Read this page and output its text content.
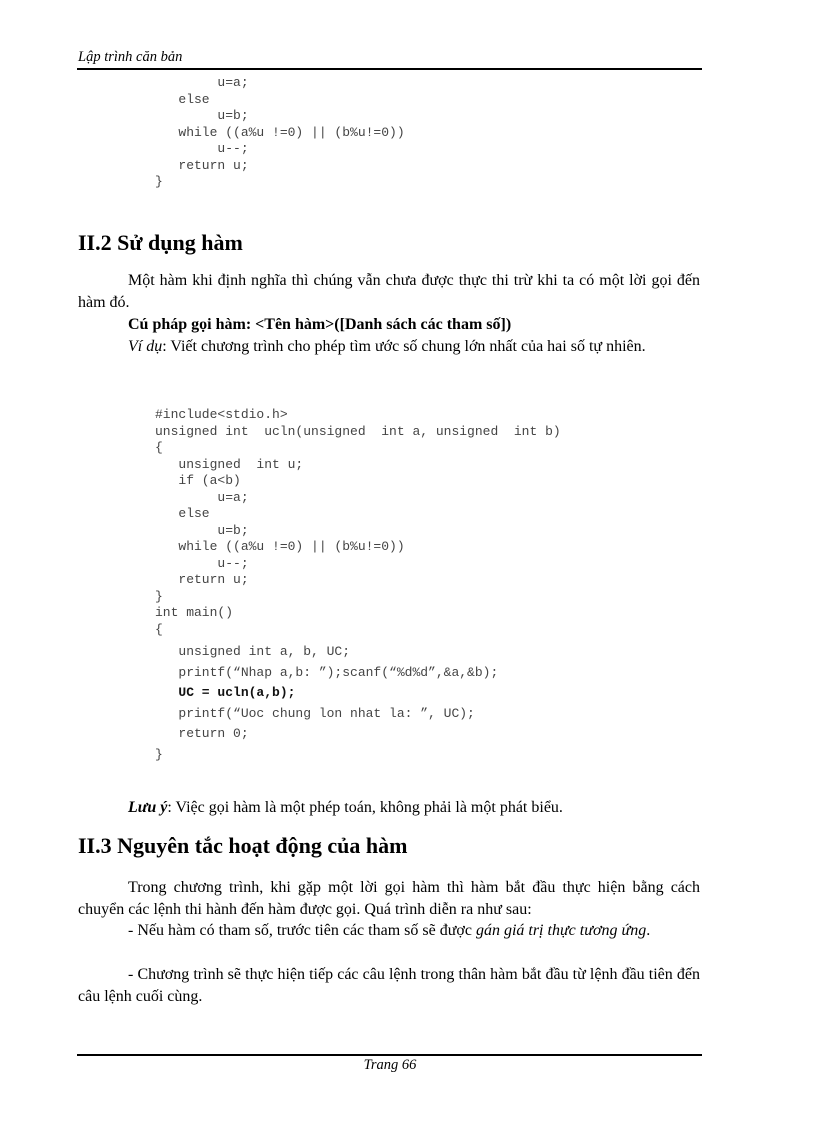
Lập trình căn bản
u=a;
else
u=b;
while ((a%u !=0) || (b%u!=0))
u--;
return u;
}
II.2 Sử dụng hàm
Một hàm khi định nghĩa thì chúng vẫn chưa được thực thi trừ khi ta có một lời gọi đến hàm đó.
Cú pháp gọi hàm: <Tên hàm>([Danh sách các tham số])
Ví dụ: Viết chương trình cho phép tìm ước số chung lớn nhất của hai số tự nhiên.
#include<stdio.h>
unsigned int  ucln(unsigned  int a, unsigned  int b)
{
unsigned  int u;
if (a<b)
u=a;
else
u=b;
while ((a%u !=0) || (b%u!=0))
u--;
return u;
}
int main()
{
unsigned int a, b, UC;
printf(“Nhap a,b: ”);scanf(“%d%d”,&a,&b);
UC = ucln(a,b);
printf(“Uoc chung lon nhat la: ”, UC);
return 0;
}
Lưu ý: Việc gọi hàm là một phép toán, không phải là một phát biểu.
II.3 Nguyên tắc hoạt động của hàm
Trong chương trình, khi gặp một lời gọi hàm thì hàm bắt đầu thực hiện bằng cách chuyển các lệnh thi hành đến hàm được gọi. Quá trình diễn ra như sau:
- Nếu hàm có tham số, trước tiên các tham số sẽ được gán giá trị thực tương ứng.
- Chương trình sẽ thực hiện tiếp các câu lệnh trong thân hàm bắt đầu từ lệnh đầu tiên đến câu lệnh cuối cùng.
Trang 66
